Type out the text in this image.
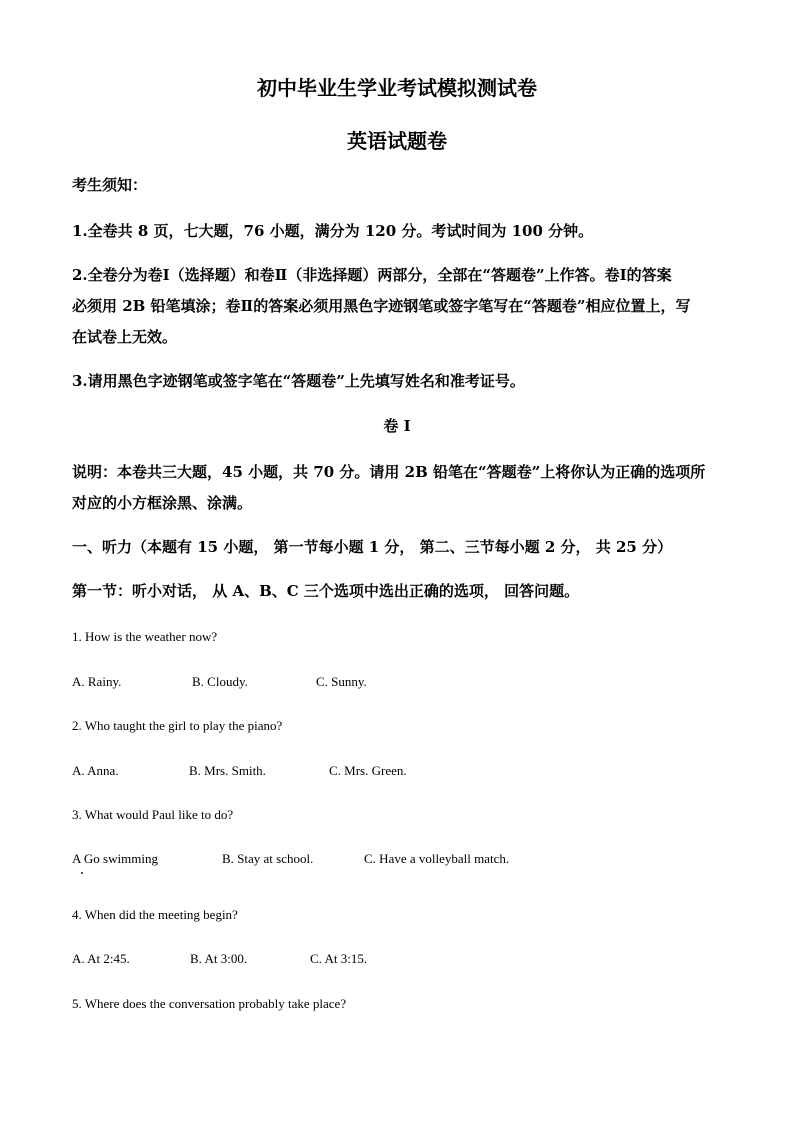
初中毕业生学业考试模拟测试卷
英语试题卷
考生须知：
1.全卷共 8 页，七大题，76 小题，满分为 120 分。考试时间为 100 分钟。
2.全卷分为卷Ⅰ（选择题）和卷Ⅱ（非选择题）两部分，全部在“答题卷”上作答。卷Ⅰ的答案
必须用 2B 铅笔填涂；卷Ⅱ的答案必须用黑色字迹钢笔或签字笔写在“答题卷”相应位置上，写
在试卷上无效。
3.请用黑色字迹钢笔或签字笔在“答题卷”上先填写姓名和准考证号。
卷 I
说明：本卷共三大题，45 小题，共 70 分。请用 2B 铅笔在“答题卷”上将你认为正确的选项所
对应的小方框涂黑、涂满。
一、听力（本题有 15 小题， 第一节每小题 1 分， 第二、三节每小题 2 分， 共 25 分）
第一节：听小对话， 从 A、B、C 三个选项中选出正确的选项， 回答问题。
1. How is the weather now?
A. Rainy.	B. Cloudy.	C. Sunny.
2. Who taught the girl to play the piano?
A. Anna.	B. Mrs. Smith.	C. Mrs. Green.
3. What would Paul like to do?
A Go swimming	B. Stay at school.	C. Have a volleyball match.
4. When did the meeting begin?
A. At 2:45.	B. At 3:00.	C. At 3:15.
5. Where does the conversation probably take place?
